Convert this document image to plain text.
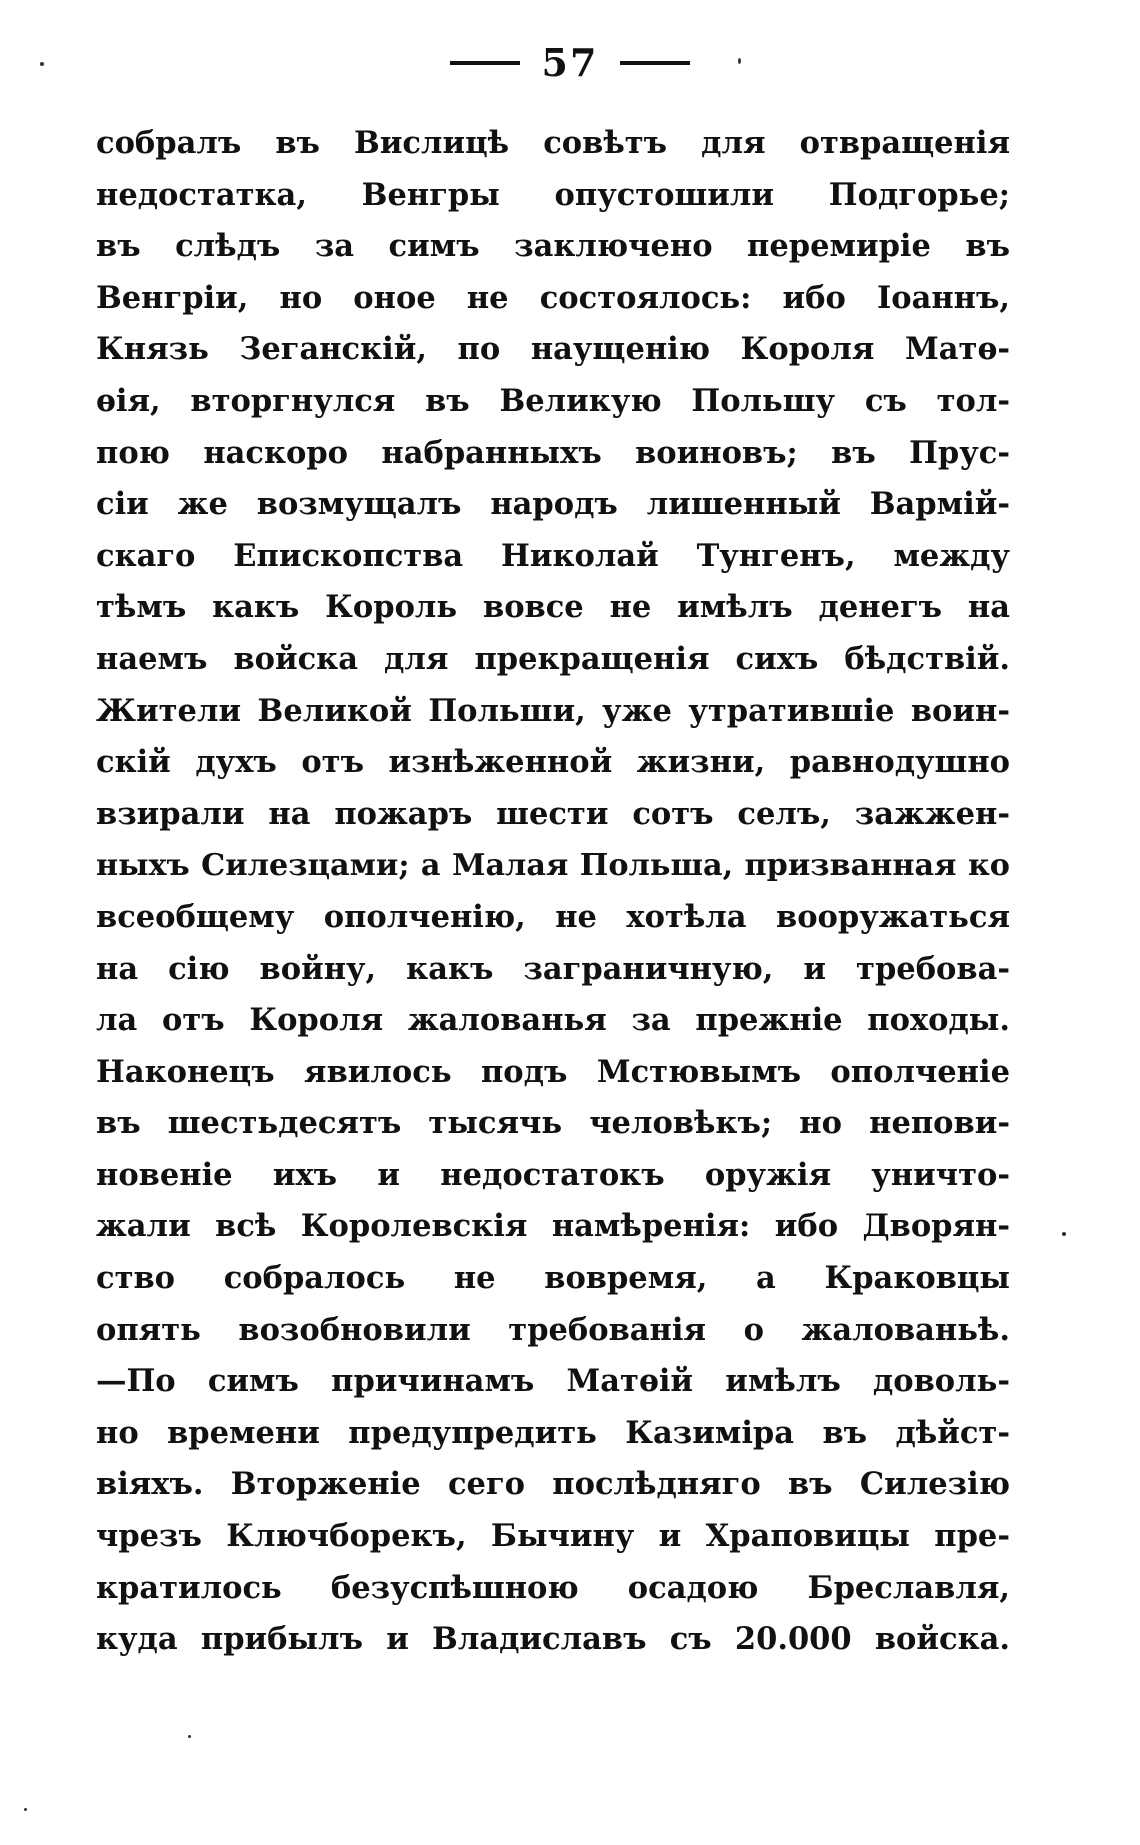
57
собралъ въ Вислицѣ совѣтъ для отвращенія
недостатка, Венгры опустошили Подгорье;
въ слѣдъ за симъ заключено перемиріе въ
Венгріи, но оное не состоялось: ибо Іоаннъ,
Князь Зеганскій, по наущенію Короля Матѳ-
ѳія, вторгнулся въ Великую Польшу съ тол-
пою наскоро набранныхъ воиновъ; въ Прус-
сіи же возмущалъ народъ лишенный Вармій-
скаго Епископства Николай Тунгенъ, между
тѣмъ какъ Король вовсе не имѣлъ денегъ на
наемъ войска для прекращенія сихъ бѣдствій.
Жители Великой Польши, уже утратившіе воин-
скій духъ отъ изнѣженной жизни, равнодушно
взирали на пожаръ шести сотъ селъ, зажжен-
ныхъ Силезцами; а Малая Польша, призванная ко
всеобщему ополченію, не хотѣла вооружаться
на сію войну, какъ заграничную, и требова-
ла отъ Короля жалованья за прежніе походы.
Наконецъ явилось подъ Мстювымъ ополченіе
въ шестьдесятъ тысячь человѣкъ; но непови-
новеніе ихъ и недостатокъ оружія уничто-
жали всѣ Королевскія намѣренія: ибо Дворян-
ство собралось не вовремя, а Краковцы
опять возобновили требованія о жалованьѣ.
—По симъ причинамъ Матѳій имѣлъ доволь-
но времени предупредить Казиміра въ дѣйст-
віяхъ. Вторженіе сего послѣдняго въ Силезію
чрезъ Ключборекъ, Бычину и Храповицы пре-
кратилось безуспѣшною осадою Бреславля,
куда прибылъ и Владиславъ съ 20.000 войска.
